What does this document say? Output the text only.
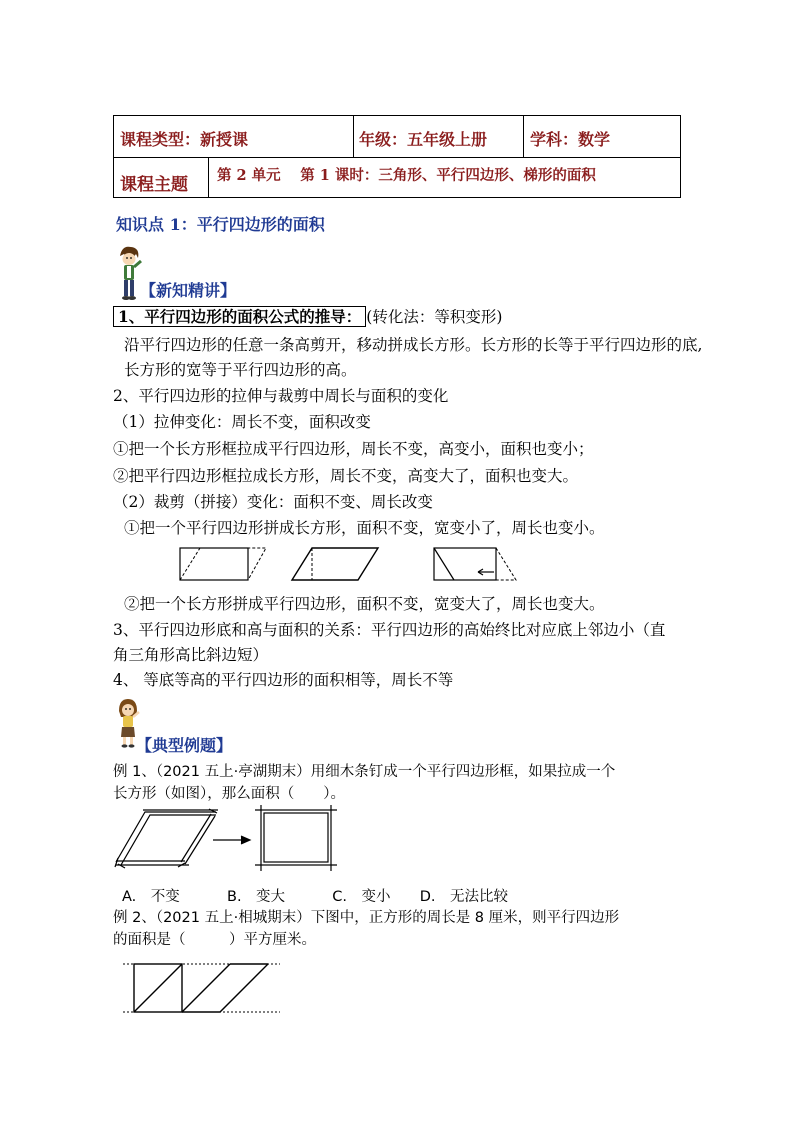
课程类型：新授课	年级：五年级上册	学科：数学
课程主题 第 2 单元　 第 1 课时：三角形、平行四边形、梯形的面积
知识点 1：平行四边形的面积
【新知精讲】
1、平行四边形的面积公式的推导： (转化法：等积变形)
沿平行四边形的任意一条高剪开，移动拼成长方形。长方形的长等于平行四边形的底,
长方形的宽等于平行四边形的高。
2、平行四边形的拉伸与裁剪中周长与面积的变化
（1）拉伸变化：周长不变，面积改变
①把一个长方形框拉成平行四边形，周长不变，高变小，面积也变小；
②把平行四边形框拉成长方形，周长不变，高变大了，面积也变大。
（2）裁剪（拼接）变化：面积不变、周长改变
①把一个平行四边形拼成长方形，面积不变，宽变小了，周长也变小。
②把一个长方形拼成平行四边形，面积不变，宽变大了，周长也变大。
3、平行四边形底和高与面积的关系：平行四边形的高始终比对应底上邻边小（直
角三角形高比斜边短）
4、 等底等高的平行四边形的面积相等，周长不等
【典型例题】
例 1、（2021 五上·亭湖期末）用细木条钉成一个平行四边形框，如果拉成一个
长方形（如图），那么面积（　　）。
A.　不变	B.　变大	C.　变小 D.　无法比较
例 2、（2021 五上·相城期末）下图中，正方形的周长是 8 厘米，则平行四边形
的面积是（　　　）平方厘米。
